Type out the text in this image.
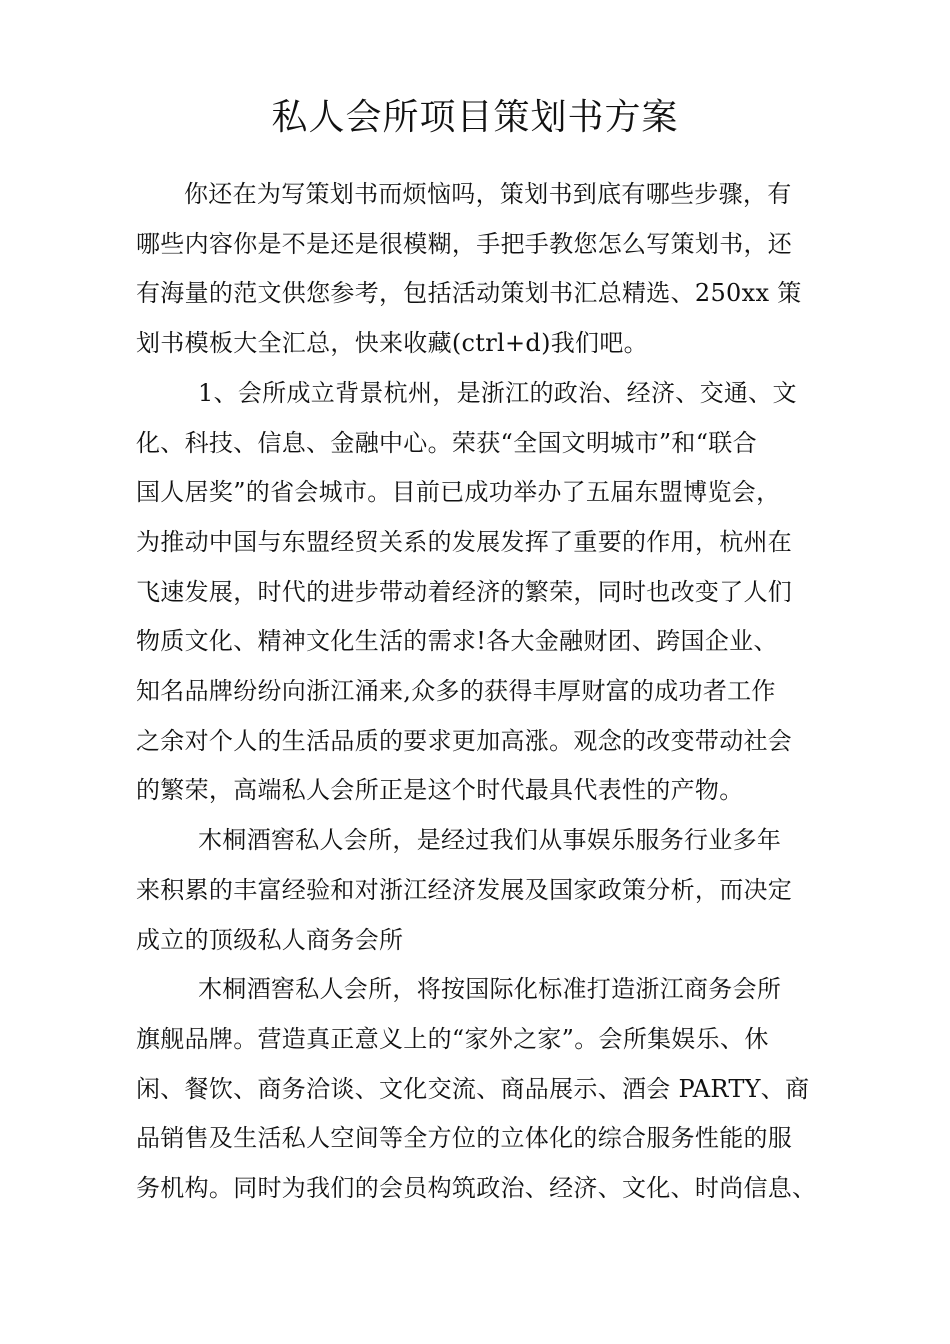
私人会所项目策划书方案
你还在为写策划书而烦恼吗，策划书到底有哪些步骤，有
哪些内容你是不是还是很模糊，手把手教您怎么写策划书，还
有海量的范文供您参考，包括活动策划书汇总精选、250xx 策
划书模板大全汇总，快来收藏(ctrl+d)我们吧。
1、会所成立背景杭州，是浙江的政治、经济、交通、文
化、科技、信息、金融中心。荣获“全国文明城市”和“联合
国人居奖”的省会城市。目前已成功举办了五届东盟博览会，
为推动中国与东盟经贸关系的发展发挥了重要的作用，杭州在
飞速发展，时代的进步带动着经济的繁荣，同时也改变了人们
物质文化、精神文化生活的需求!各大金融财团、跨国企业、
知名品牌纷纷向浙江涌来,众多的获得丰厚财富的成功者工作
之余对个人的生活品质的要求更加高涨。观念的改变带动社会
的繁荣，高端私人会所正是这个时代最具代表性的产物。
木桐酒窖私人会所，是经过我们从事娱乐服务行业多年
来积累的丰富经验和对浙江经济发展及国家政策分析，而决定
成立的顶级私人商务会所
木桐酒窖私人会所，将按国际化标准打造浙江商务会所
旗舰品牌。营造真正意义上的“家外之家”。会所集娱乐、休
闲、餐饮、商务洽谈、文化交流、商品展示、酒会 PARTY、商
品销售及生活私人空间等全方位的立体化的综合服务性能的服
务机构。同时为我们的会员构筑政治、经济、文化、时尚信息、
